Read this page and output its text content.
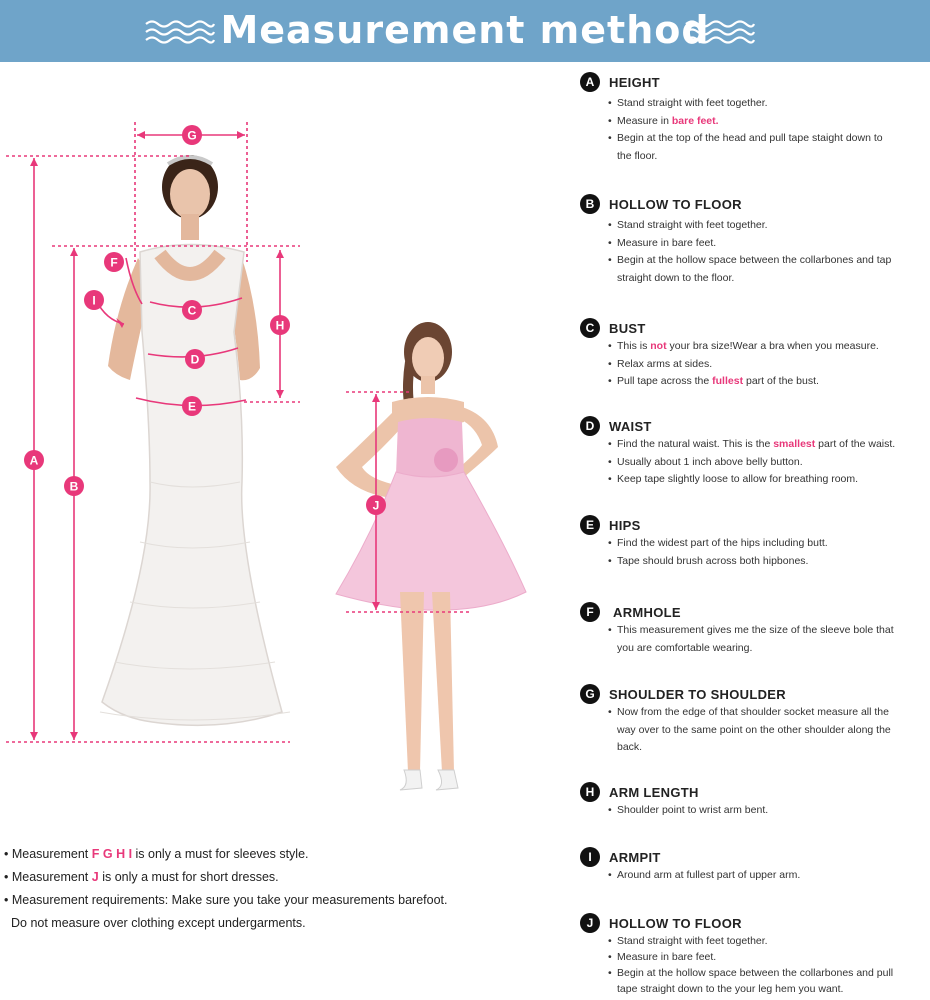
Measurement method
A
B
C
D
E
F
G
H
I
J
• Measurement F G H I is only a must for sleeves style.
• Measurement J is only a must for short dresses.
• Measurement requirements: Make sure you take your measurements barefoot.
Do not measure over clothing except undergarments.
A	HEIGHT
• Stand straight with feet together.
• Measure in bare feet.
• Begin at the top of the head and pull tape staight down to
the floor.
B	HOLLOW TO FLOOR
• Stand straight with feet together.
• Measure in bare feet.
• Begin at the hollow space between the collarbones and tap
straight down to the floor.
C	BUST
• This is not your bra size!Wear a bra when you measure.
• Relax arms at sides.
• Pull tape across the fullest part of the bust.
D	WAIST
• Find the natural waist. This is the smallest part of the waist.
• Usually about 1 inch above belly button.
• Keep tape slightly loose to allow for breathing room.
E	HIPS
• Find the widest part of the hips including butt.
• Tape should brush across both hipbones.
F	ARMHOLE
• This measurement gives me the size of the sleeve bole that
you are comfortable wearing.
G	SHOULDER TO SHOULDER
• Now from the edge of that shoulder socket measure all the
way over to the same point on the other shoulder along the
back.
H	ARM LENGTH
• Shoulder point to wrist arm bent.
I	ARMPIT
• Around arm at fullest part of upper arm.
J	HOLLOW TO FLOOR
• Stand straight with feet together.
• Measure in bare feet.
• Begin at the hollow space between the collarbones and pull
tape straight down to the your leg hem you want.
